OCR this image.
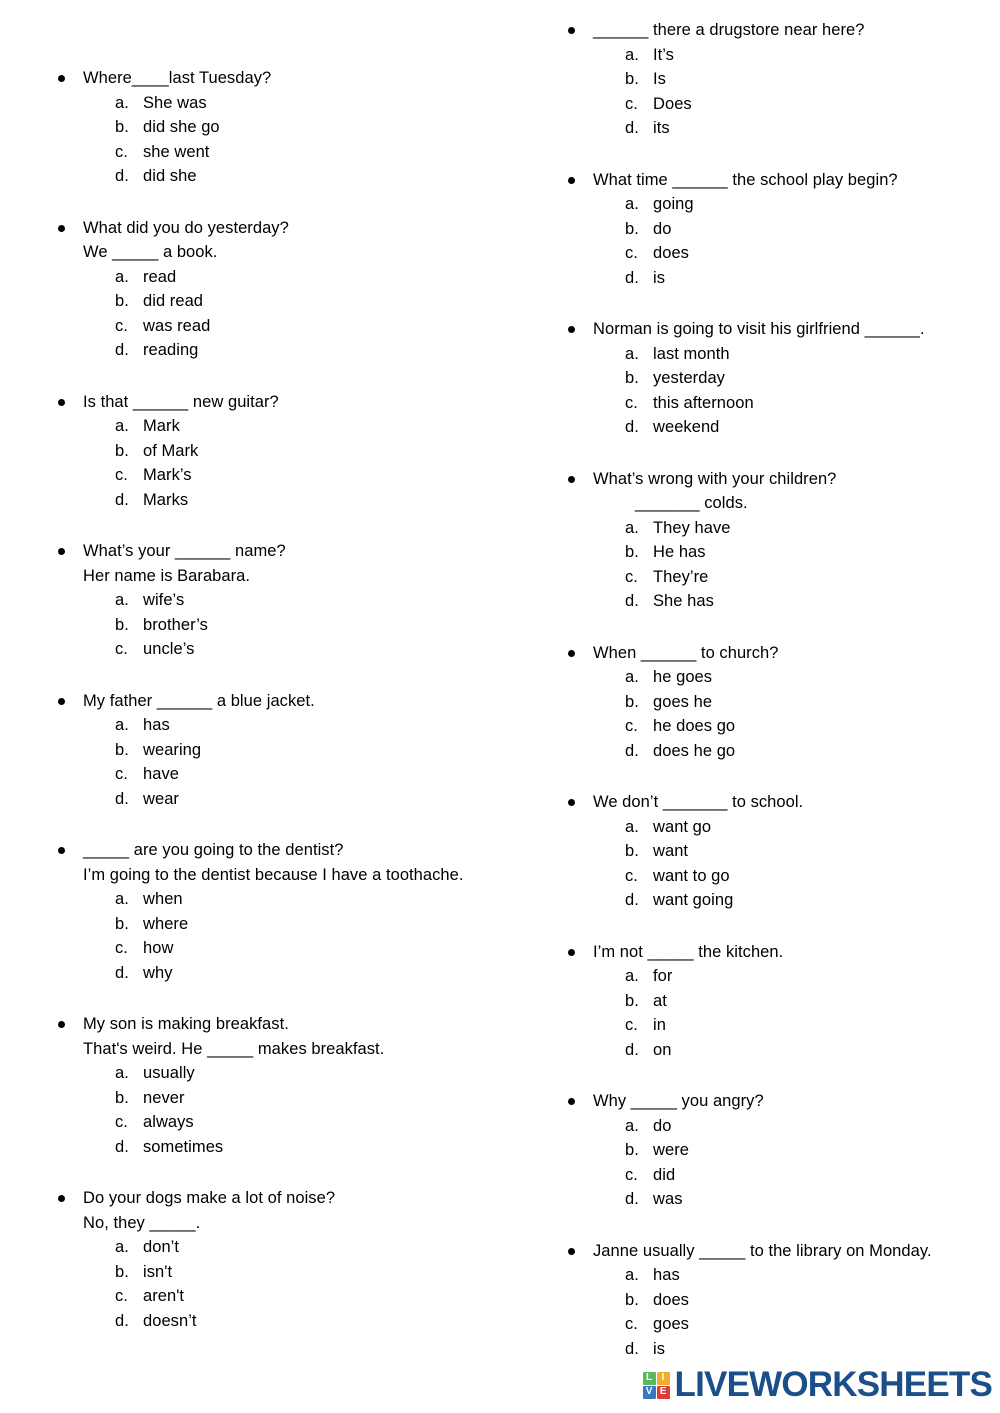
Where____last Tuesday?
a. She was
b. did she go
c. she went
d. did she
What did you do yesterday?
We _____ a book.
a. read
b. did read
c. was read
d. reading
Is that ______ new guitar?
a. Mark
b. of Mark
c. Mark’s
d. Marks
What’s your ______ name?
Her name is Barabara.
a. wife’s
b. brother’s
c. uncle’s
My father ______ a blue jacket.
a. has
b. wearing
c. have
d. wear
_____ are you going to the dentist?
I’m going to the dentist because I have a toothache.
a. when
b. where
c. how
d. why
My son is making breakfast.
That's weird. He _____ makes breakfast.
a. usually
b. never
c. always
d. sometimes
Do your dogs make a lot of noise?
No, they _____.
a. don’t
b. isn't
c. aren't
d. doesn’t
______ there a drugstore near here?
a. It’s
b. Is
c. Does
d. its
What time ______ the school play begin?
a. going
b. do
c. does
d. is
Norman is going to visit his girlfriend ______.
a. last month
b. yesterday
c. this afternoon
d. weekend
What’s wrong with your children?
_______ colds.
a. They have
b. He has
c. They’re
d. She has
When ______ to church?
a. he goes
b. goes he
c. he does go
d. does he go
We don’t _______ to school.
a. want go
b. want
c. want to go
d. want going
I’m not _____ the kitchen.
a. for
b. at
c. in
d. on
Why _____ you angry?
a. do
b. were
c. did
d. was
Janne usually _____ to the library on Monday.
a. has
b. does
c. goes
d. is
L I
V E LIVEWORKSHEETS
